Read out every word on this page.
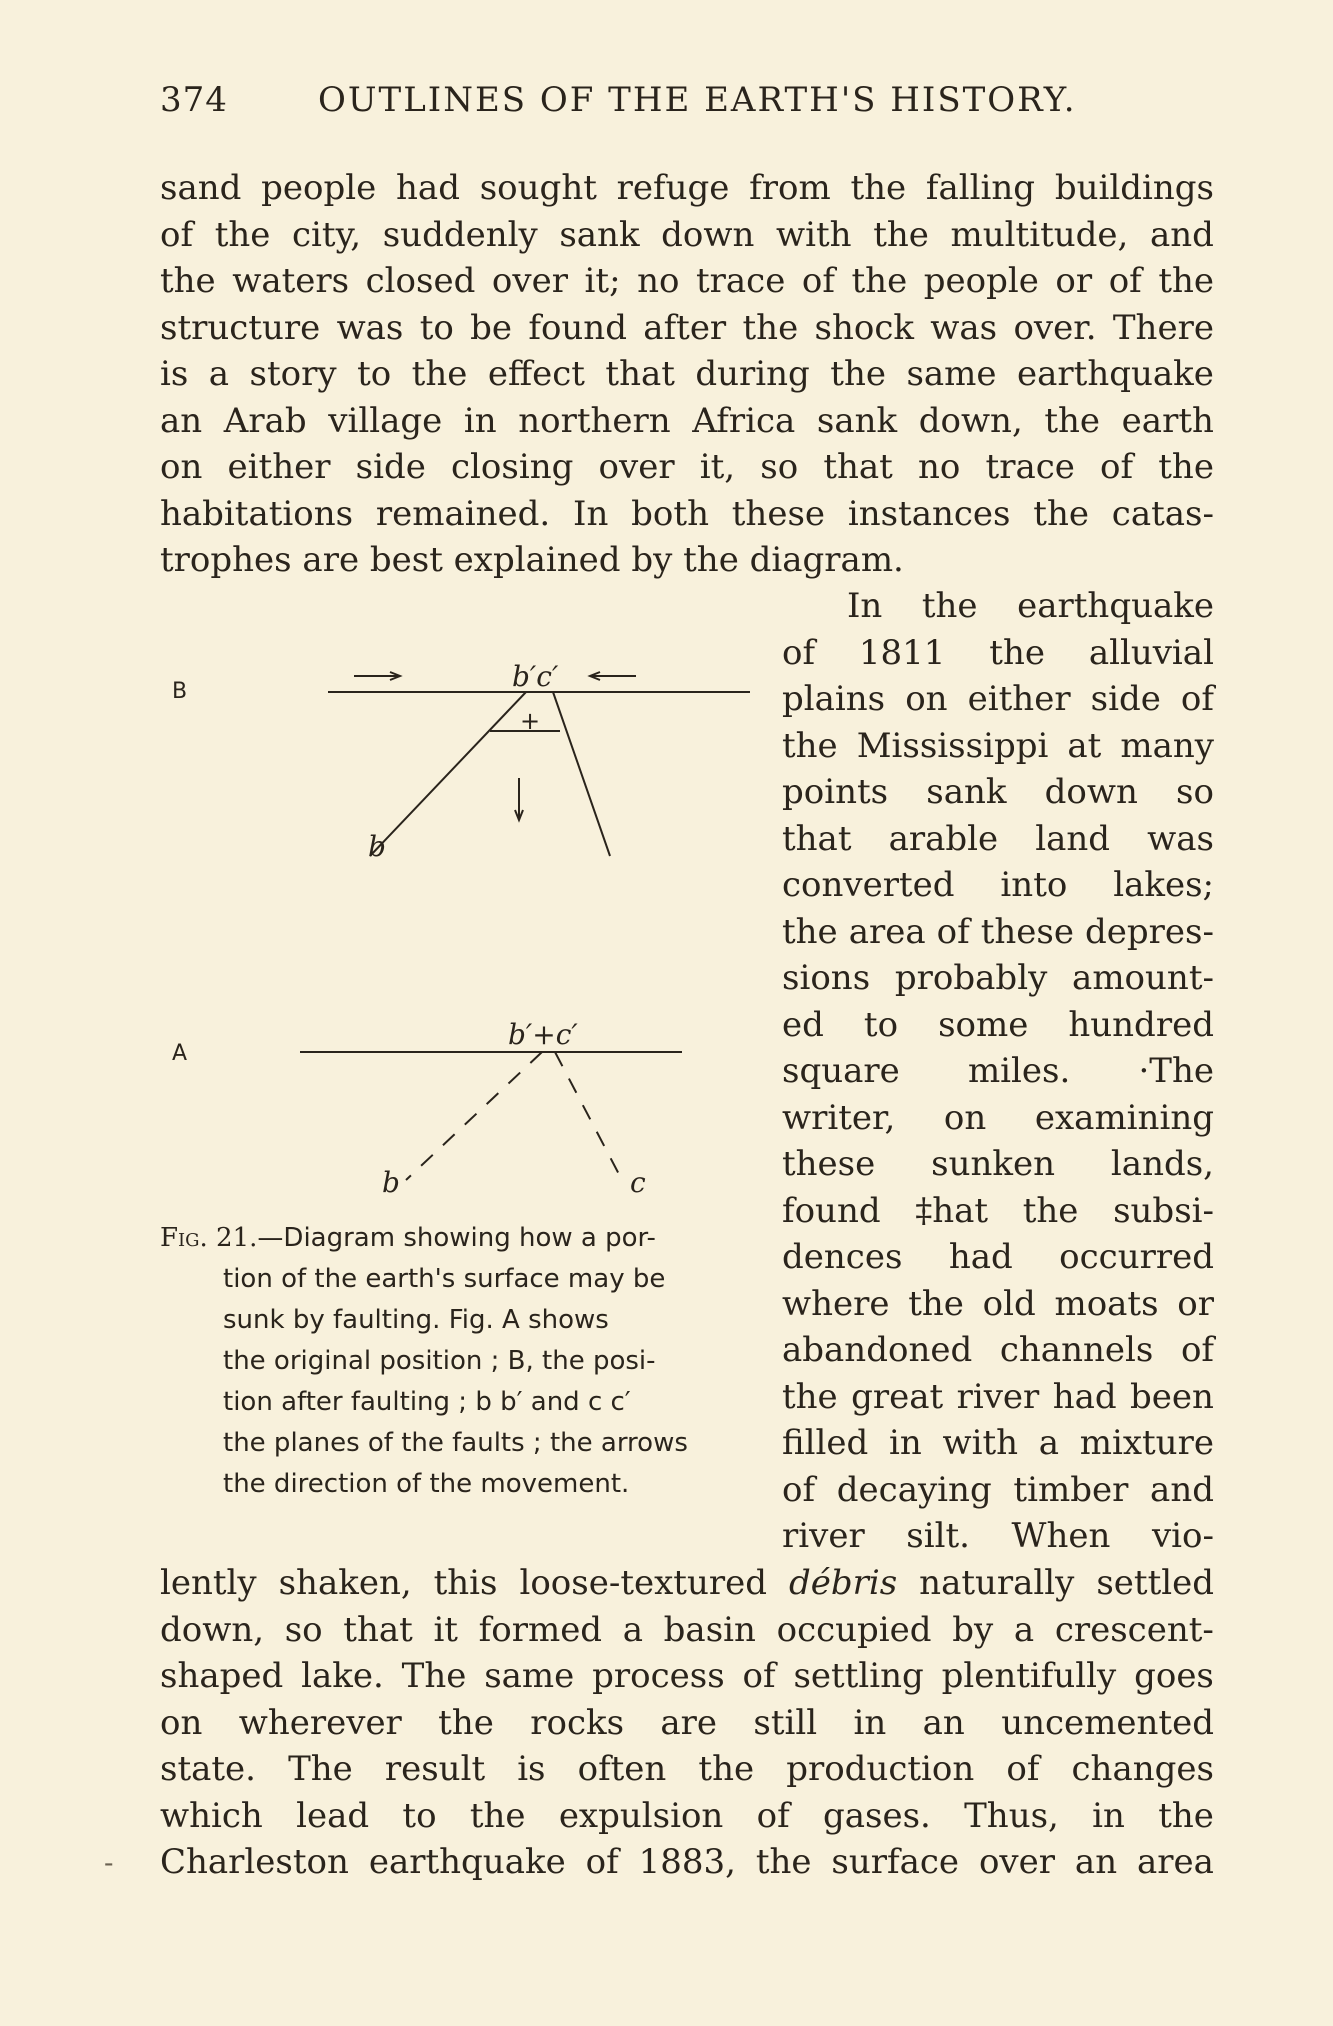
374	OUTLINES OF THE EARTH'S HISTORY.
sand people had sought refuge from the falling buildings
of the city, suddenly sank down with the multitude, and
the waters closed over it; no trace of the people or of the
structure was to be found after the shock was over. There
is a story to the effect that during the same earthquake
an Arab village in northern Africa sank down, the earth
on either side closing over it, so that no trace of the
habitations remained. In both these instances the catas-
trophes are best explained by the diagram.
In the earthquake
of 1811 the alluvial
plains on either side of
the Mississippi at many
points sank down so
that arable land was
converted into lakes;
the area of these depres-
sions probably amount-
ed to some hundred
square miles. ·The
writer, on examining
these sunken lands,
found ‡hat the subsi-
dences had occurred
where the old moats or
abandoned channels of
the great river had been
filled in with a mixture
of decaying timber and
river silt. When vio-
B
A
b′c′
b
b′+c′
b	c
+
Fig. 21.—Diagram showing how a por-
tion of the earth's surface may be
sunk by faulting. Fig. A shows
the original position ; B, the posi-
tion after faulting ; b b′ and c c′
the planes of the faults ; the arrows
the direction of the movement.
lently shaken, this loose-textured débris naturally settled
down, so that it formed a basin occupied by a crescent-
shaped lake. The same process of settling plentifully goes
on wherever the rocks are still in an uncemented
state. The result is often the production of changes
which lead to the expulsion of gases. Thus, in the
Charleston earthquake of 1883, the surface over an area
-
